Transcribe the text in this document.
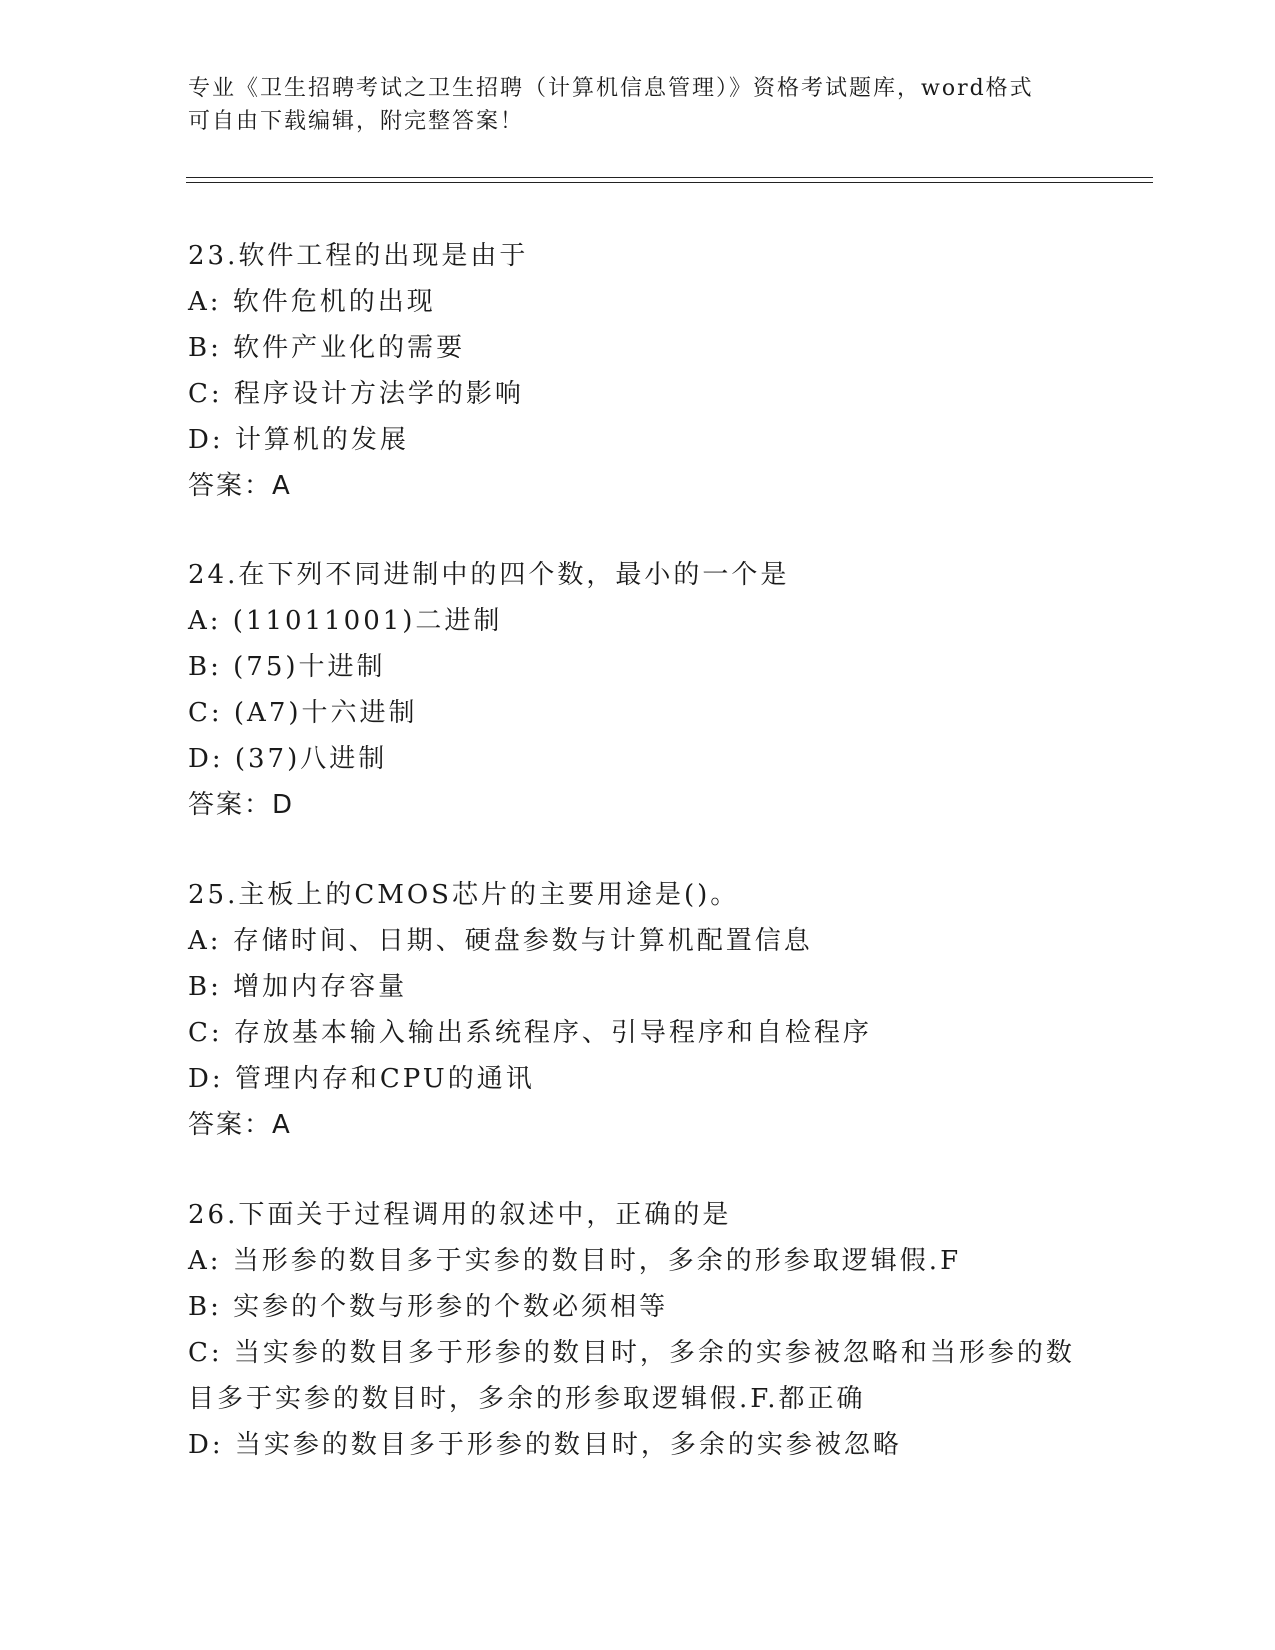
专业《卫生招聘考试之卫生招聘（计算机信息管理）》资格考试题库，word格式
可自由下载编辑，附完整答案！
23.软件工程的出现是由于
A: 软件危机的出现
B: 软件产业化的需要
C: 程序设计方法学的影响
D: 计算机的发展
答案：A
24.在下列不同进制中的四个数，最小的一个是
A: (11011001)二进制
B: (75)十进制
C: (A7)十六进制
D: (37)八进制
答案：D
25.主板上的CMOS芯片的主要用途是()。
A: 存储时间、日期、硬盘参数与计算机配置信息
B: 增加内存容量
C: 存放基本输入输出系统程序、引导程序和自检程序
D: 管理内存和CPU的通讯
答案：A
26.下面关于过程调用的叙述中，正确的是
A: 当形参的数目多于实参的数目时，多余的形参取逻辑假.F
B: 实参的个数与形参的个数必须相等
C: 当实参的数目多于形参的数目时，多余的实参被忽略和当形参的数目多于实参的数目时，多余的形参取逻辑假.F.都正确
D: 当实参的数目多于形参的数目时，多余的实参被忽略
